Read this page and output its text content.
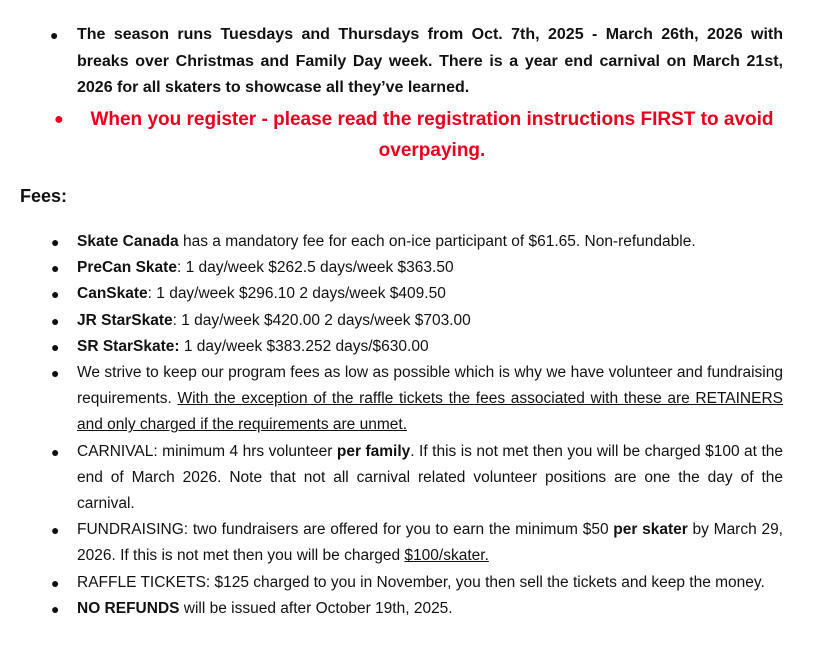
● The season runs Tuesdays and Thursdays from Oct. 7th, 2025 - March 26th, 2026 with breaks over Christmas and Family Day week. There is a year end carnival on March 21st, 2026 for all skaters to showcase all they’ve learned.
● When you register - please read the registration instructions FIRST to avoid overpaying.
Fees:
● Skate Canada has a mandatory fee for each on-ice participant of $61.65. Non-refundable.
● PreCan Skate: 1 day/week $262.5 days/week $363.50
● CanSkate: 1 day/week $296.10 2 days/week $409.50
● JR StarSkate: 1 day/week $420.00 2 days/week $703.00
● SR StarSkate: 1 day/week $383.252 days/$630.00
● We strive to keep our program fees as low as possible which is why we have volunteer and fundraising requirements. With the exception of the raffle tickets the fees associated with these are RETAINERS and only charged if the requirements are unmet.
● CARNIVAL: minimum 4 hrs volunteer per family. If this is not met then you will be charged $100 at the end of March 2026. Note that not all carnival related volunteer positions are one the day of the carnival.
● FUNDRAISING: two fundraisers are offered for you to earn the minimum $50 per skater by March 29, 2026. If this is not met then you will be charged $100/skater.
● RAFFLE TICKETS: $125 charged to you in November, you then sell the tickets and keep the money.
● NO REFUNDS will be issued after October 19th, 2025.
